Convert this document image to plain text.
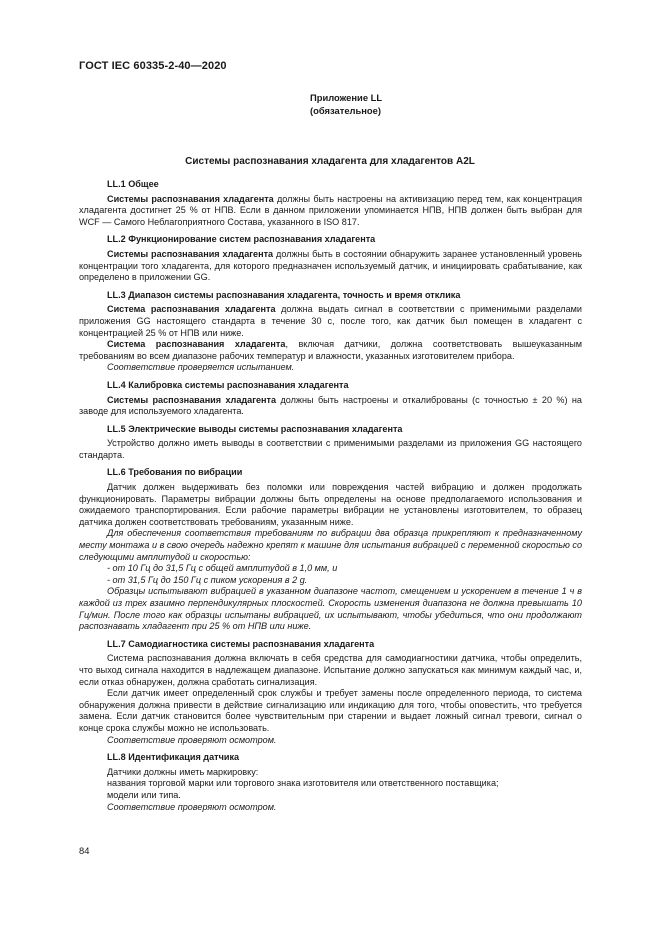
ГОСТ IEC 60335-2-40—2020
Приложение LL
(обязательное)
Системы распознавания хладагента для хладагентов A2L

LL.1 Общее

Системы распознавания хладагента должны быть настроены на активизацию перед тем, как концентрация хладагента достигнет 25 % от НПВ. Если в данном приложении упоминается НПВ, НПВ должен быть выбран для WCF — Самого Неблагоприятного Состава, указанного в ISO 817.

LL.2 Функционирование систем распознавания хладагента

Системы распознавания хладагента должны быть в состоянии обнаружить заранее установленный уровень концентрации того хладагента, для которого предназначен используемый датчик, и инициировать срабатывание, как определено в приложении GG.

LL.3 Диапазон системы распознавания хладагента, точность и время отклика

Система распознавания хладагента должна выдать сигнал в соответствии с применимыми разделами приложения GG настоящего стандарта в течение 30 с, после того, как датчик был помещен в хладагент с концентрацией 25 % от НПВ или ниже.

Система распознавания хладагента, включая датчики, должна соответствовать вышеуказанным требованиям во всем диапазоне рабочих температур и влажности, указанных изготовителем прибора.

Соответствие проверяется испытанием.

LL.4 Калибровка системы распознавания хладагента

Системы распознавания хладагента должны быть настроены и откалиброваны (с точностью ± 20 %) на заводе для используемого хладагента.

LL.5 Электрические выводы системы распознавания хладагента

Устройство должно иметь выводы в соответствии с применимыми разделами из приложения GG настоящего стандарта.

LL.6 Требования по вибрации

Датчик должен выдерживать без поломки или повреждения частей вибрацию и должен продолжать функционировать. Параметры вибрации должны быть определены на основе предполагаемого использования и ожидаемого транспортирования. Если рабочие параметры вибрации не установлены изготовителем, то образец датчика должен соответствовать требованиям, указанным ниже.

Для обеспечения соответствия требованиям по вибрации два образца прикрепляют к предназначенному месту монтажа и в свою очередь надежно крепят к машине для испытания вибрацией с переменной скоростью со следующими амплитудой и скоростью:

- от 10 Гц до 31,5 Гц с общей амплитудой в 1,0 мм, и

- от 31,5 Гц до 150 Гц с пиком ускорения в 2 g.

Образцы испытывают вибрацией в указанном диапазоне частот, смещением и ускорением в течение 1 ч в каждой из трех взаимно перпендикулярных плоскостей. Скорость изменения диапазона не должна превышать 10 Гц/мин. После того как образцы испытаны вибрацией, их испытывают, чтобы убедиться, что они продолжают распознавать хладагент при 25 % от НПВ или ниже.

LL.7 Самодиагностика системы распознавания хладагента

Система распознавания должна включать в себя средства для самодиагностики датчика, чтобы определить, что выход сигнала находится в надлежащем диапазоне. Испытание должно запускаться как минимум каждый час, и, если отказ обнаружен, должна сработать сигнализация.

Если датчик имеет определенный срок службы и требует замены после определенного периода, то система обнаружения должна привести в действие сигнализацию или индикацию для того, чтобы оповестить, что требуется замена. Если датчик становится более чувствительным при старении и выдает ложный сигнал тревоги, сигнал о конце срока службы можно не использовать.

Соответствие проверяют осмотром.

LL.8 Идентификация датчика

Датчики должны иметь маркировку:

названия торговой марки или торгового знака изготовителя или ответственного поставщика;

модели или типа.

Соответствие проверяют осмотром.

84
